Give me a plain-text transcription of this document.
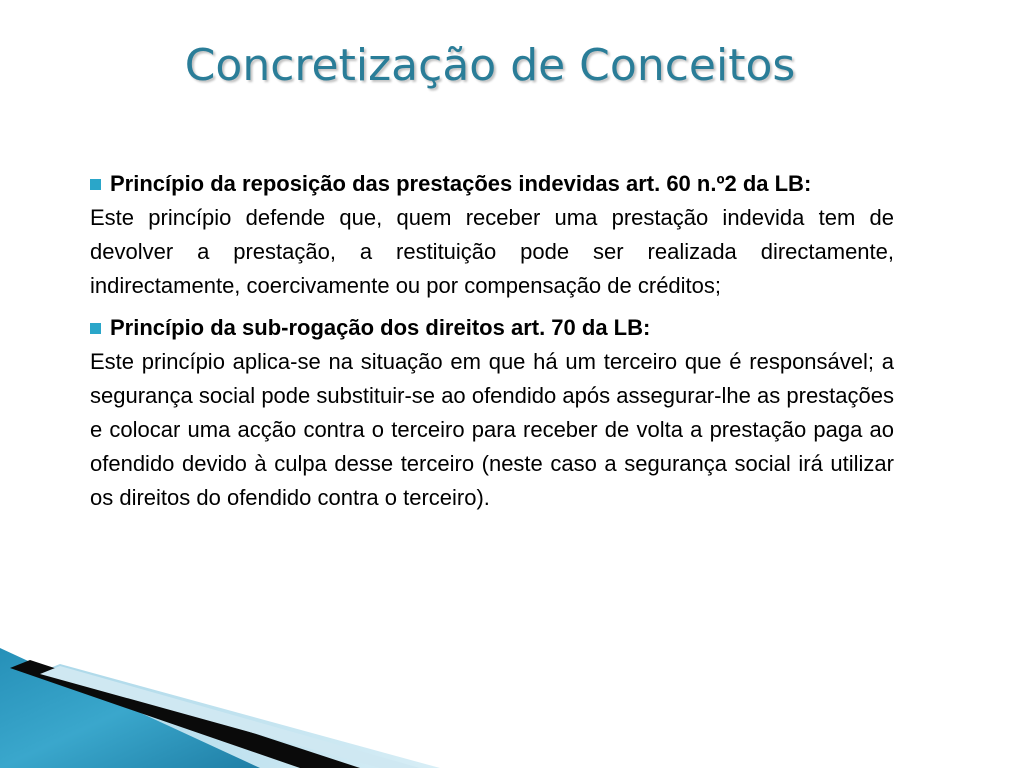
Concretização de Conceitos
Princípio da reposição das prestações indevidas art. 60 n.º2 da LB:
Este princípio defende que, quem receber uma prestação indevida tem de devolver a prestação, a restituição pode ser realizada directamente, indirectamente, coercivamente ou por compensação de créditos;
Princípio da sub-rogação dos direitos art. 70 da LB:
Este princípio aplica-se na situação em que há um terceiro que é responsável; a segurança social pode substituir-se ao ofendido após assegurar-lhe as prestações e colocar uma acção contra o terceiro para receber de volta a prestação paga ao ofendido devido à culpa desse terceiro (neste caso a segurança social irá utilizar os direitos do ofendido contra o terceiro).
